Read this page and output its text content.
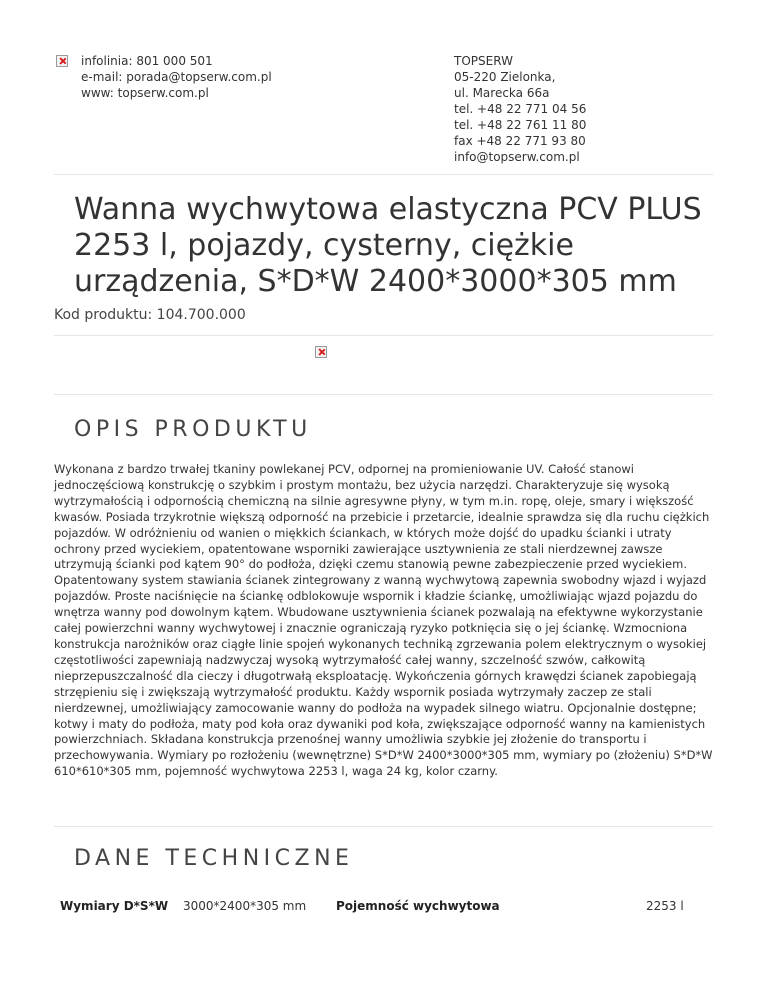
infolinia: 801 000 501
e-mail: porada@topserw.com.pl
www: topserw.com.pl
TOPSERW
05-220 Zielonka,
ul. Marecka 66a
tel. +48 22 771 04 56
tel. +48 22 761 11 80
fax +48 22 771 93 80
info@topserw.com.pl
Wanna wychwytowa elastyczna PCV PLUS 2253 l, pojazdy, cysterny, ciężkie urządzenia, S*D*W 2400*3000*305 mm
Kod produktu: 104.700.000
OPIS PRODUKTU

Wykonana z bardzo trwałej tkaniny powlekanej PCV, odpornej na promieniowanie UV. Całość stanowi jednoczęściową konstrukcję o szybkim i prostym montażu, bez użycia narzędzi. Charakteryzuje się wysoką wytrzymałością i odpornością chemiczną na silnie agresywne płyny, w tym m.in. ropę, oleje, smary i większość kwasów. Posiada trzykrotnie większą odporność na przebicie i przetarcie, idealnie sprawdza się dla ruchu ciężkich pojazdów. W odróżnieniu od wanien o miękkich ściankach, w których może dojść do upadku ścianki i utraty ochrony przed wyciekiem, opatentowane wsporniki zawierające usztywnienia ze stali nierdzewnej zawsze utrzymują ścianki pod kątem 90° do podłoża, dzięki czemu stanowią pewne zabezpieczenie przed wyciekiem. Opatentowany system stawiania ścianek zintegrowany z wanną wychwytową zapewnia swobodny wjazd i wyjazd pojazdów. Proste naciśnięcie na ściankę odblokowuje wspornik i kładzie ściankę, umożliwiając wjazd pojazdu do wnętrza wanny pod dowolnym kątem. Wbudowane usztywnienia ścianek pozwalają na efektywne wykorzystanie całej powierzchni wanny wychwytowej i znacznie ograniczają ryzyko potknięcia się o jej ściankę. Wzmocniona konstrukcja narożników oraz ciągłe linie spojeń wykonanych techniką zgrzewania polem elektrycznym o wysokiej częstotliwości zapewniają nadzwyczaj wysoką wytrzymałość całej wanny, szczelność szwów, całkowitą nieprzepuszczalność dla cieczy i długotrwałą eksploatację. Wykończenia górnych krawędzi ścianek zapobiegają strzępieniu się i zwiększają wytrzymałość produktu. Każdy wspornik posiada wytrzymały zaczep ze stali nierdzewnej, umożliwiający zamocowanie wanny do podłoża na wypadek silnego wiatru. Opcjonalnie dostępne; kotwy i maty do podłoża, maty pod koła oraz dywaniki pod koła, zwiększające odporność wanny na kamienistych powierzchniach. Składana konstrukcja przenośnej wanny umożliwia szybkie jej złożenie do transportu i przechowywania. Wymiary po rozłożeniu (wewnętrzne) S*D*W 2400*3000*305 mm, wymiary po (złożeniu) S*D*W 610*610*305 mm, pojemność wychwytowa 2253 l, waga 24 kg, kolor czarny.

DANE TECHNICZNE
Wymiary D*S*W 3000*2400*305 mm Pojemność wychwytowa	2253 l
